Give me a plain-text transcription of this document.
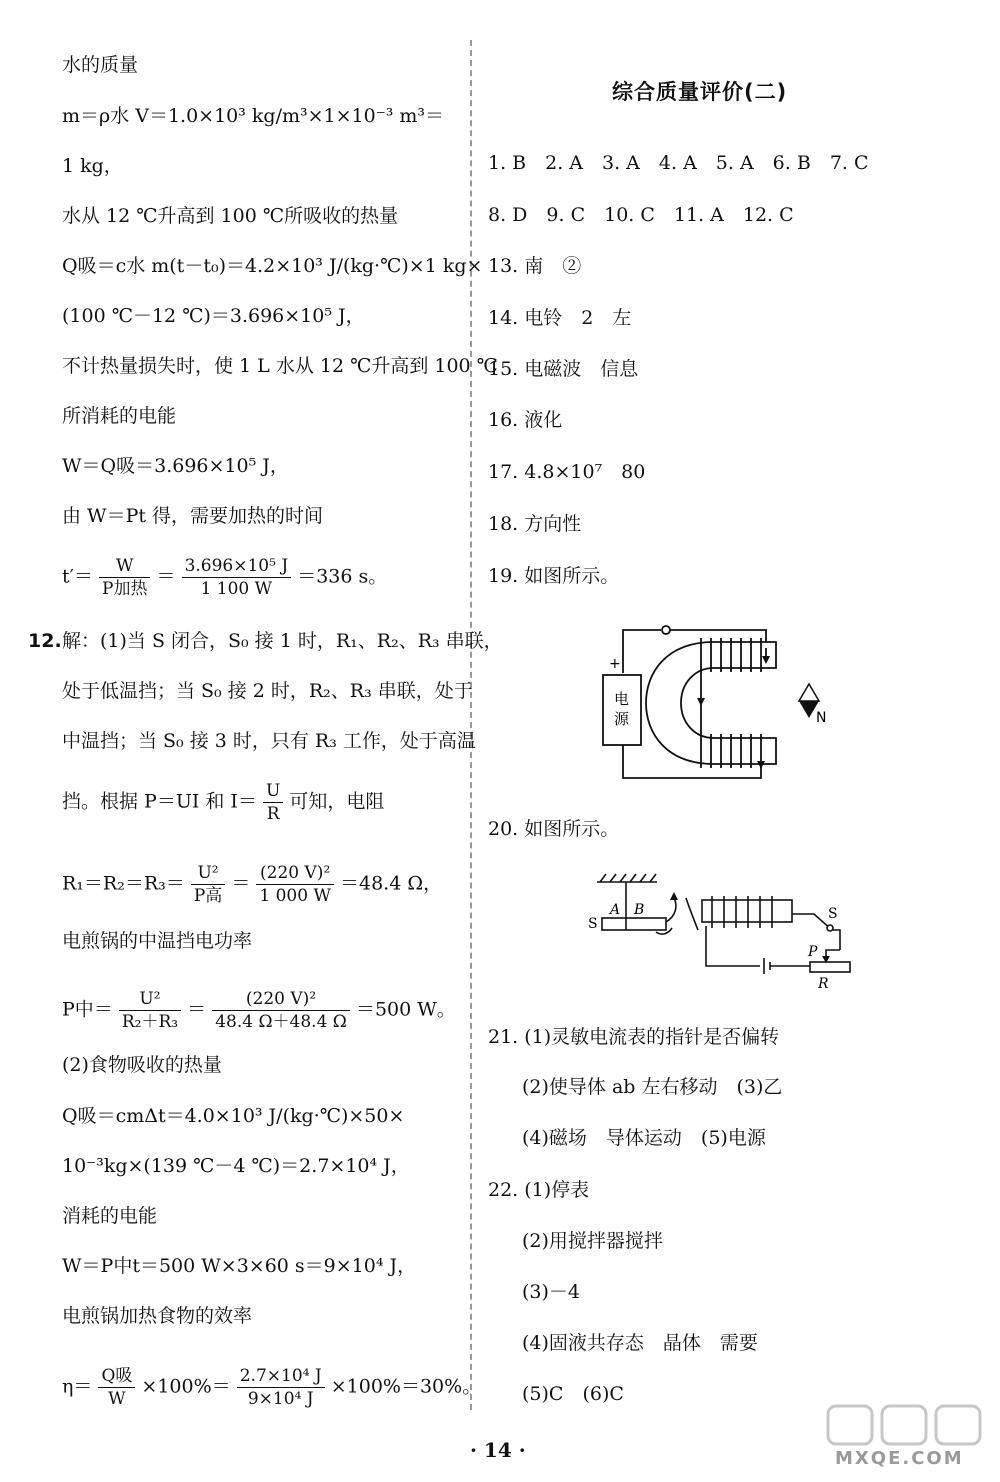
水的质量
m＝ρ水 V＝1.0×10³ kg/m³×1×10⁻³ m³＝
1 kg，
水从 12 ℃升高到 100 ℃所吸收的热量
Q吸＝c水 m(t－t₀)＝4.2×10³ J/(kg·℃)×1 kg×
(100 ℃－12 ℃)＝3.696×10⁵ J，
不计热量损失时，使 1 L 水从 12 ℃升高到 100 ℃
所消耗的电能
W＝Q吸＝3.696×10⁵ J，
由 W＝Pt 得，需要加热的时间
$t'= \frac{W}{\text{P加热}} = \frac{\text{3.696×10⁵ J}}{1 100 W} =336$ s。
12. 解：(1)当 S 闭合，S₀ 接 1 时，R₁、R₂、R₃ 串联，
处于低温挡；当 S₀ 接 2 时，R₂、R₃ 串联，处于
中温挡；当 S₀ 接 3 时，只有 R₃ 工作，处于高温
挡。根据 P＝UI 和 $I= \frac{U}{R}$ 可知，电阻
$R_1=R_2=R_3= \frac{\text{U²}}{\text{P高}} = \frac{\text{(220 V)²}}{1 000 W} =48.4$ Ω，
电煎锅的中温挡电功率
P中＝ $\frac{\text{U²}}{\text{R₂＋R₃}} = \frac{\text{(220 V)²}}{48.4 \Omega+48.4 \Omega} =500$ W。
(2)食物吸收的热量
Q吸＝cmΔt＝4.0×10³ J/(kg·℃)×50×
10⁻³kg×(139 ℃－4 ℃)＝2.7×10⁴ J，
消耗的电能
W＝P中t＝500 W×3×60 s＝9×10⁴ J，
电煎锅加热食物的效率
$\eta= \frac{\text{Q吸}}{W} \times 100\%= \frac{\text{2.7×10⁴ J}}{\text{9×10⁴ J}} \times 100\%=30\%$。
综合质量评价(二)
1. B　2. A　3. A　4. A　5. A　6. B　7. C
8. D　9. C　10. C　11. A　12. C
13. 南　②
14. 电铃　2　左
15. 电磁波　信息
16. 液化
17. 4.8×10⁷　80
18. 方向性
19. 如图所示。
+
电
源	N
20. 如图所示。
S
A B	S
P
R
21. (1)灵敏电流表的指针是否偏转
(2)使导体 ab 左右移动　(3)乙
(4)磁场　导体运动　(5)电源
22. (1)停表
(2)用搅拌器搅拌
(3)－4
(4)固液共存态　晶体　需要
(5)C　(6)C
· 14 ·	MXQE.COM
